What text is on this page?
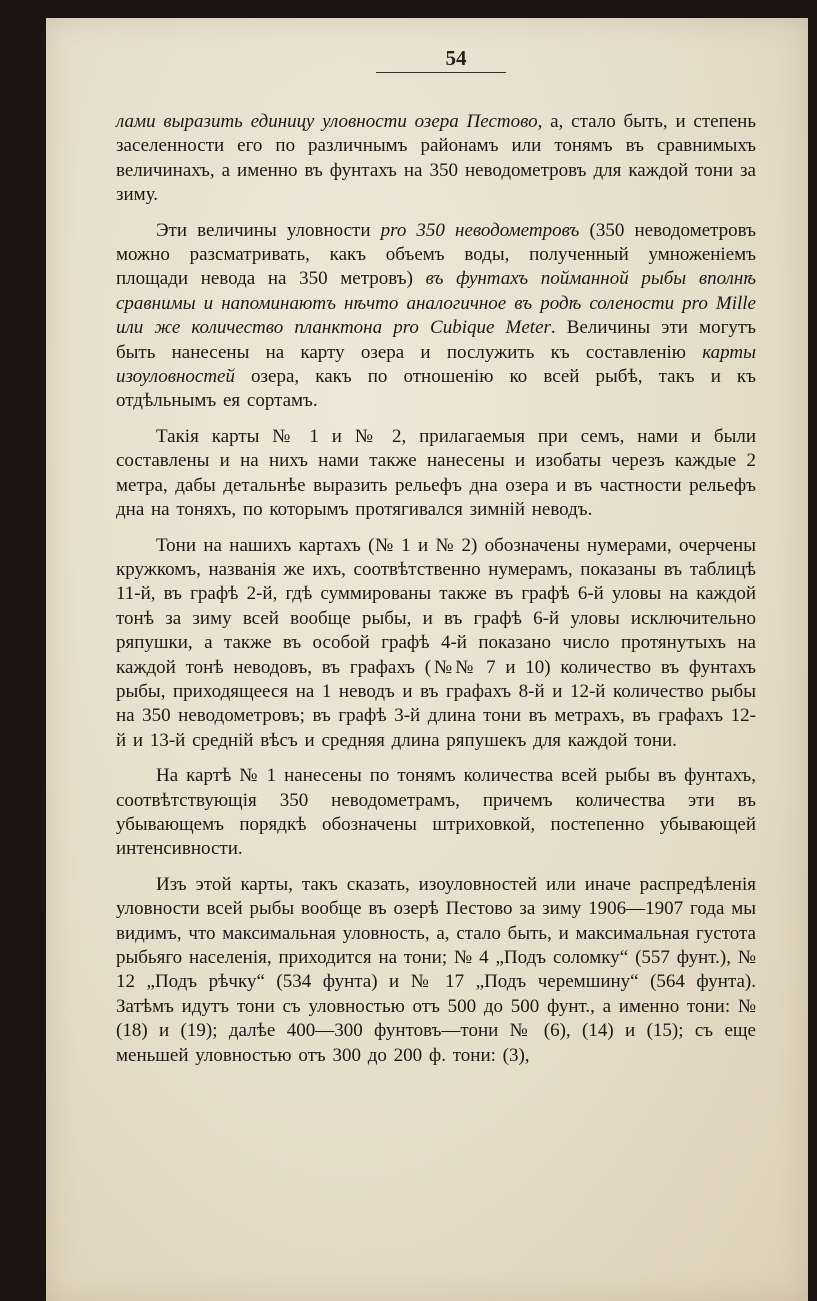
54

лами выразить единицу уловности озера Пестово, а, стало быть, и степень заселенности его по различнымъ районамъ или тонямъ въ сравнимыхъ величинахъ, а именно въ фунтахъ на 350 неводометровъ для каждой тони за зиму.

Эти величины уловности pro 350 неводометровъ (350 неводометровъ можно разсматривать, какъ объемъ воды, полученный умноженіемъ площади невода на 350 метровъ) въ фунтахъ пойманной рыбы вполнѣ сравнимы и напоминаютъ нѣчто аналогичное въ родѣ солености pro Mille или же количество планктона pro Cubique Meter. Величины эти могутъ быть нанесены на карту озера и послужить къ составленію карты изоуловностей озера, какъ по отношенію ко всей рыбѣ, такъ и къ отдѣльнымъ ея сортамъ.

Такія карты № 1 и № 2, прилагаемыя при семъ, нами и были составлены и на нихъ нами также нанесены и изобаты черезъ каждые 2 метра, дабы детальнѣе выразить рельефъ дна озера и въ частности рельефъ дна на тоняхъ, по которымъ протягивался зимній неводъ.

Тони на нашихъ картахъ (№ 1 и № 2) обозначены нумерами, очерчены кружкомъ, названія же ихъ, соотвѣтственно нумерамъ, показаны въ таблицѣ 11-й, въ графѣ 2-й, гдѣ суммированы также въ графѣ 6-й уловы на каждой тонѣ за зиму всей вообще рыбы, и въ графѣ 6-й уловы исключительно ряпушки, а также въ особой графѣ 4-й показано число протянутыхъ на каждой тонѣ неводовъ, въ графахъ (№№ 7 и 10) количество въ фунтахъ рыбы, приходящееся на 1 неводъ и въ графахъ 8-й и 12-й количество рыбы на 350 неводометровъ; въ графѣ 3-й длина тони въ метрахъ, въ графахъ 12-й и 13-й среднiй вѣсъ и средняя длина ряпушекъ для каждой тони.

На картѣ № 1 нанесены по тонямъ количества всей рыбы въ фунтахъ, соотвѣтствующія 350 неводометрамъ, причемъ количества эти въ убывающемъ порядкѣ обозначены штриховкой, постепенно убывающей интенсивности.

Изъ этой карты, такъ сказать, изоуловностей или иначе распредѣленія уловности всей рыбы вообще въ озерѣ Пестово за зиму 1906—1907 года мы видимъ, что максимальная уловность, а, стало быть, и максимальная густота рыбьяго населенія, приходится на тони; № 4 „Подъ соломку“ (557 фунт.), № 12 „Подъ рѣчку“ (534 фунта) и № 17 „Подъ черемшину“ (564 фунта). Затѣмъ идутъ тони съ уловностью отъ 500 до 500 фунт., а именно тони: № (18) и (19); далѣе 400—300 фунтовъ—тони № (6), (14) и (15); съ еще меньшей уловностью отъ 300 до 200 ф. тони: (3),
